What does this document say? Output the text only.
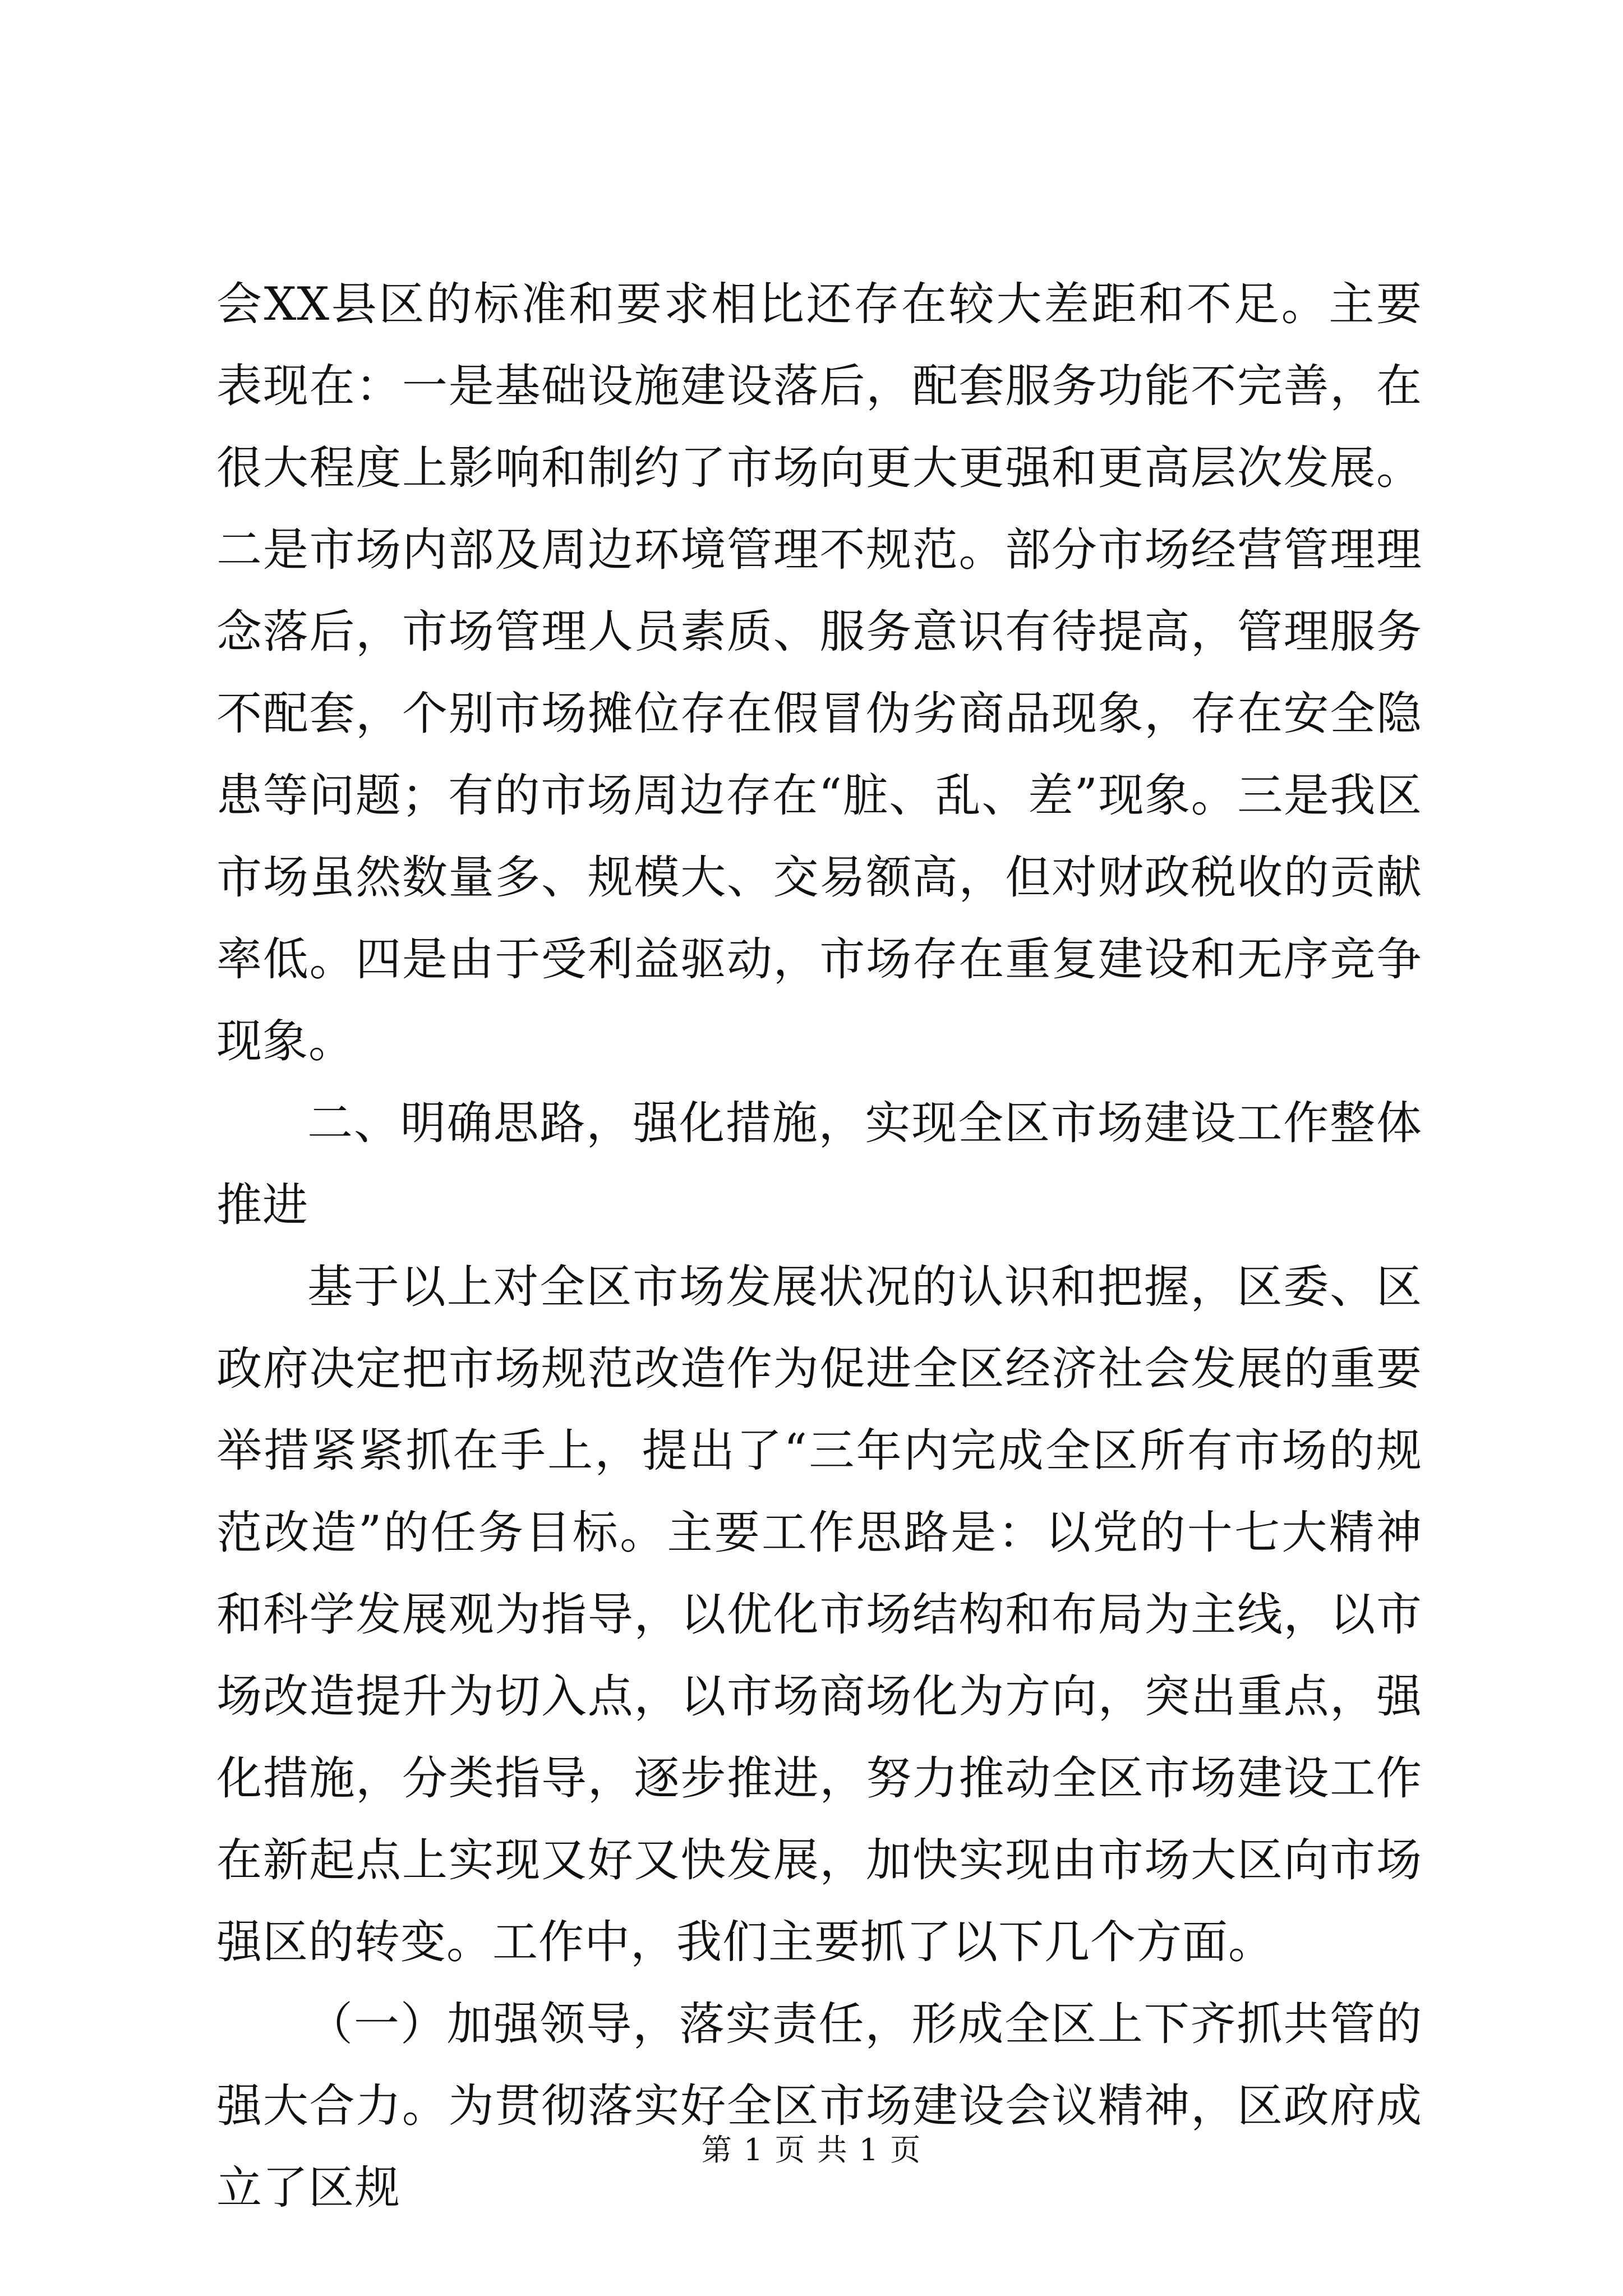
会XX县区的标准和要求相比还存在较大差距和不足。主要表现在：一是基础设施建设落后，配套服务功能不完善，在很大程度上影响和制约了市场向更大更强和更高层次发展。二是市场内部及周边环境管理不规范。部分市场经营管理理念落后，市场管理人员素质、服务意识有待提高，管理服务不配套，个别市场摊位存在假冒伪劣商品现象，存在安全隐患等问题；有的市场周边存在“脏、乱、差”现象。三是我区市场虽然数量多、规模大、交易额高，但对财政税收的贡献率低。四是由于受利益驱动，市场存在重复建设和无序竞争现象。

二、明确思路，强化措施，实现全区市场建设工作整体推进

基于以上对全区市场发展状况的认识和把握，区委、区政府决定把市场规范改造作为促进全区经济社会发展的重要举措紧紧抓在手上，提出了“三年内完成全区所有市场的规范改造”的任务目标。主要工作思路是：以党的十七大精神和科学发展观为指导，以优化市场结构和布局为主线，以市场改造提升为切入点，以市场商场化为方向，突出重点，强化措施，分类指导，逐步推进，努力推动全区市场建设工作在新起点上实现又好又快发展，加快实现由市场大区向市场强区的转变。工作中，我们主要抓了以下几个方面。

（一）加强领导，落实责任，形成全区上下齐抓共管的强大合力。为贯彻落实好全区市场建设会议精神，区政府成立了区规

第 1 页 共 1 页
